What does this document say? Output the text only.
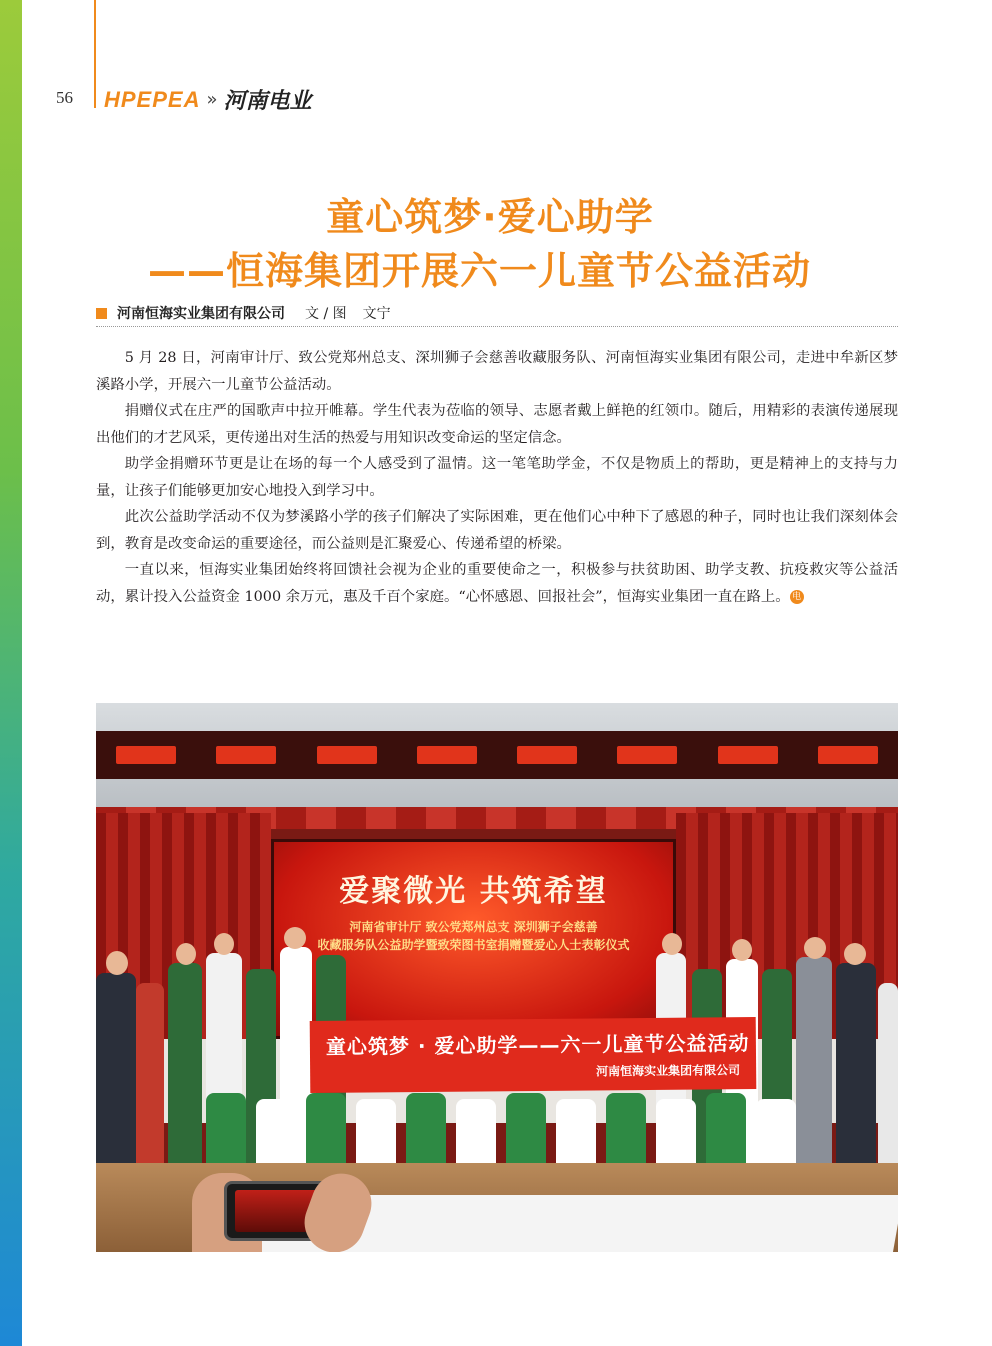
56 HPEPEA » 河南电业
童心筑梦·爱心助学
——恒海集团开展六一儿童节公益活动
河南恒海实业集团有限公司 文 / 图 文宁

5 月 28 日，河南审计厅、致公党郑州总支、深圳狮子会慈善收藏服务队、河南恒海实业集团有限公司，走进中牟新区梦溪路小学，开展六一儿童节公益活动。

捐赠仪式在庄严的国歌声中拉开帷幕。学生代表为莅临的领导、志愿者戴上鲜艳的红领巾。随后，用精彩的表演传递展现出他们的才艺风采，更传递出对生活的热爱与用知识改变命运的坚定信念。

助学金捐赠环节更是让在场的每一个人感受到了温情。这一笔笔助学金，不仅是物质上的帮助，更是精神上的支持与力量，让孩子们能够更加安心地投入到学习中。

此次公益助学活动不仅为梦溪路小学的孩子们解决了实际困难，更在他们心中种下了感恩的种子，同时也让我们深刻体会到，教育是改变命运的重要途径，而公益则是汇聚爱心、传递希望的桥梁。

一直以来，恒海实业集团始终将回馈社会视为企业的重要使命之一，积极参与扶贫助困、助学支教、抗疫救灾等公益活动，累计投入公益资金 1000 余万元，惠及千百个家庭。“心怀感恩、回报社会”，恒海实业集团一直在路上。 电

爱聚微光 共筑希望
河南省审计厅 致公党郑州总支 深圳狮子会慈善
收藏服务队公益助学暨致荣图书室捐赠暨爱心人士表彰仪式
童心筑梦 · 爱心助学——六一儿童节公益活动
河南恒海实业集团有限公司
